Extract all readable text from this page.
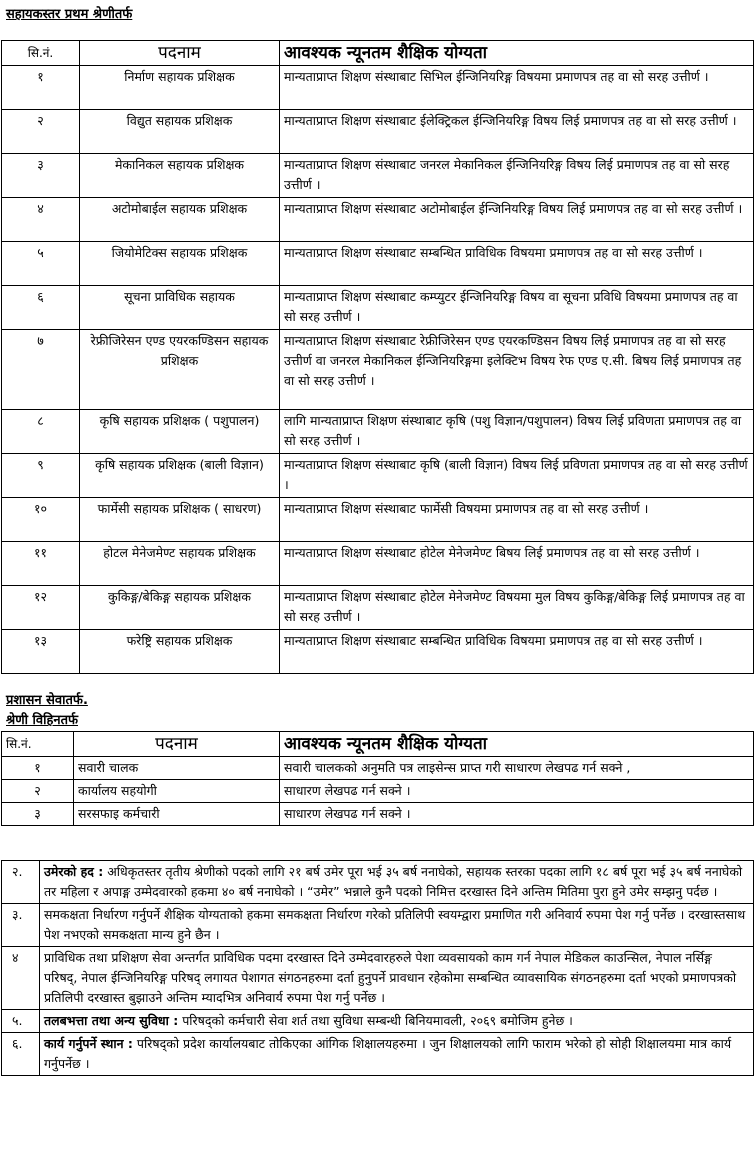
सहायकस्तर प्रथम श्रेणीतर्फ
सि.नं.	पदनाम	आवश्यक न्यूनतम शैक्षिक योग्यता
१	निर्माण सहायक प्रशिक्षक	मान्यताप्राप्त शिक्षण संस्थाबाट सिभिल ईन्जिनियरिङ्ग विषयमा प्रमाणपत्र तह वा सो सरह उत्तीर्ण ।
२	विद्युत सहायक प्रशिक्षक	मान्यताप्राप्त शिक्षण संस्थाबाट ईलेक्ट्रिकल ईन्जिनियरिङ्ग विषय लिई प्रमाणपत्र तह वा सो सरह उत्तीर्ण ।
३	मेकानिकल सहायक प्रशिक्षक	मान्यताप्राप्त शिक्षण संस्थाबाट जनरल मेकानिकल ईन्जिनियरिङ्ग विषय लिई प्रमाणपत्र तह वा सो सरह उत्तीर्ण ।
४	अटोमोबाईल सहायक प्रशिक्षक	मान्यताप्राप्त शिक्षण संस्थाबाट अटोमोबाईल ईन्जिनियरिङ्ग विषय लिई प्रमाणपत्र तह वा सो सरह उत्तीर्ण ।
५	जियोमेटिक्स सहायक प्रशिक्षक	मान्यताप्राप्त शिक्षण संस्थाबाट सम्बन्धित प्राविधिक विषयमा प्रमाणपत्र तह वा सो सरह उत्तीर्ण ।
६	सूचना प्राविधिक सहायक	मान्यताप्राप्त शिक्षण संस्थाबाट कम्प्युटर ईन्जिनियरिङ्ग विषय वा सूचना प्रविधि विषयमा प्रमाणपत्र तह वा सो सरह उत्तीर्ण ।
७	रेफ्रीजिरेसन एण्ड एयरकण्डिसन सहायक प्रशिक्षक	मान्यताप्राप्त शिक्षण संस्थाबाट रेफ्रीजिरेसन एण्ड एयरकण्डिसन विषय लिई प्रमाणपत्र तह वा सो सरह उत्तीर्ण वा जनरल मेकानिकल ईन्जिनियरिङ्गमा इलेक्टिभ विषय रेफ एण्ड ए.सी. बिषय लिई प्रमाणपत्र तह वा सो सरह उत्तीर्ण ।
८	कृषि सहायक प्रशिक्षक ( पशुपालन)	लागि मान्यताप्राप्त शिक्षण संस्थाबाट कृषि (पशु विज्ञान/पशुपालन) विषय लिई प्रविणता प्रमाणपत्र तह वा सो सरह उत्तीर्ण ।
९	कृषि सहायक प्रशिक्षक (बाली विज्ञान)	मान्यताप्राप्त शिक्षण संस्थाबाट कृषि (बाली विज्ञान) विषय लिई प्रविणता प्रमाणपत्र तह वा सो सरह उत्तीर्ण ।
१०	फार्मेसी सहायक प्रशिक्षक ( साधरण)	मान्यताप्राप्त शिक्षण संस्थाबाट फार्मेसी विषयमा प्रमाणपत्र तह वा सो सरह उत्तीर्ण ।
११	होटल मेनेजमेण्ट सहायक प्रशिक्षक	मान्यताप्राप्त शिक्षण संस्थाबाट होटेल मेनेजमेण्ट बिषय लिई प्रमाणपत्र तह वा सो सरह उत्तीर्ण ।
१२	कुकिङ्ग/बेकिङ्ग सहायक प्रशिक्षक	मान्यताप्राप्त शिक्षण संस्थाबाट होटेल मेनेजमेण्ट विषयमा मुल विषय कुकिङ्ग/बेकिङ्ग लिई प्रमाणपत्र तह वा सो सरह उत्तीर्ण ।
१३	फरेष्ट्रि सहायक प्रशिक्षक	मान्यताप्राप्त शिक्षण संस्थाबाट सम्बन्धित प्राविधिक विषयमा प्रमाणपत्र तह वा सो सरह उत्तीर्ण ।
प्रशासन सेवातर्फ.
श्रेणी विहिनतर्फ
सि.नं.	पदनाम	आवश्यक न्यूनतम शैक्षिक योग्यता
१	सवारी चालक	सवारी चालकको अनुमति पत्र लाइसेन्स प्राप्त गरी साधारण लेखपढ गर्न सक्ने ,
२	कार्यालय सहयोगी	साधारण लेखपढ गर्न सक्ने ।
३	सरसफाइ कर्मचारी	साधारण लेखपढ गर्न सक्ने ।
२.	उमेरको हद : अधिकृतस्तर तृतीय श्रेणीको पदको लागि २१ बर्ष उमेर पूरा भई ३५ बर्ष ननाघेको, सहायक स्तरका पदका लागि १८ बर्ष पूरा भई ३५ बर्ष ननाघेको तर महिला र अपाङ्ग उम्मेदवारको हकमा ४० बर्ष ननाघेको । “उमेर” भन्नाले कुनै पदको निमित्त दरखास्त दिने अन्तिम मितिमा पुरा हुने उमेर सम्झनु पर्दछ ।
३.	समकक्षता निर्धारण गर्नुपर्ने शैक्षिक योग्यताको हकमा समकक्षता निर्धारण गरेको प्रतिलिपी स्वयम्द्वारा प्रमाणित गरी अनिवार्य रुपमा पेश गर्नु पर्नेछ । दरखास्तसाथ पेश नभएको समकक्षता मान्य हुने छैन ।
४	प्राविधिक तथा प्रशिक्षण सेवा अन्तर्गत प्राविधिक पदमा दरखास्त दिने उम्मेदवारहरुले पेशा व्यवसायको काम गर्न नेपाल मेडिकल काउन्सिल, नेपाल नर्सिङ्ग परिषद्, नेपाल ईन्जिनियरिङ्ग परिषद् लगायत पेशागत संगठनहरुमा दर्ता हुनुपर्ने प्रावधान रहेकोमा सम्बन्धित व्यावसायिक संगठनहरुमा दर्ता भएको प्रमाणपत्रको प्रतिलिपी दरखास्त बुझाउने अन्तिम म्यादभित्र अनिवार्य रुपमा पेश गर्नु पर्नेछ ।
५.	तलबभत्ता तथा अन्य सुविधा : परिषद्को कर्मचारी सेवा शर्त तथा सुविधा सम्बन्धी बिनियमावली, २०६९ बमोजिम हुनेछ ।
६.	कार्य गर्नुपर्ने स्थान : परिषद्को प्रदेश कार्यालयबाट तोकिएका आंगिक शिक्षालयहरुमा । जुन शिक्षालयको लागि फाराम भरेको हो सोही शिक्षालयमा मात्र कार्य गर्नुपर्नेछ ।
